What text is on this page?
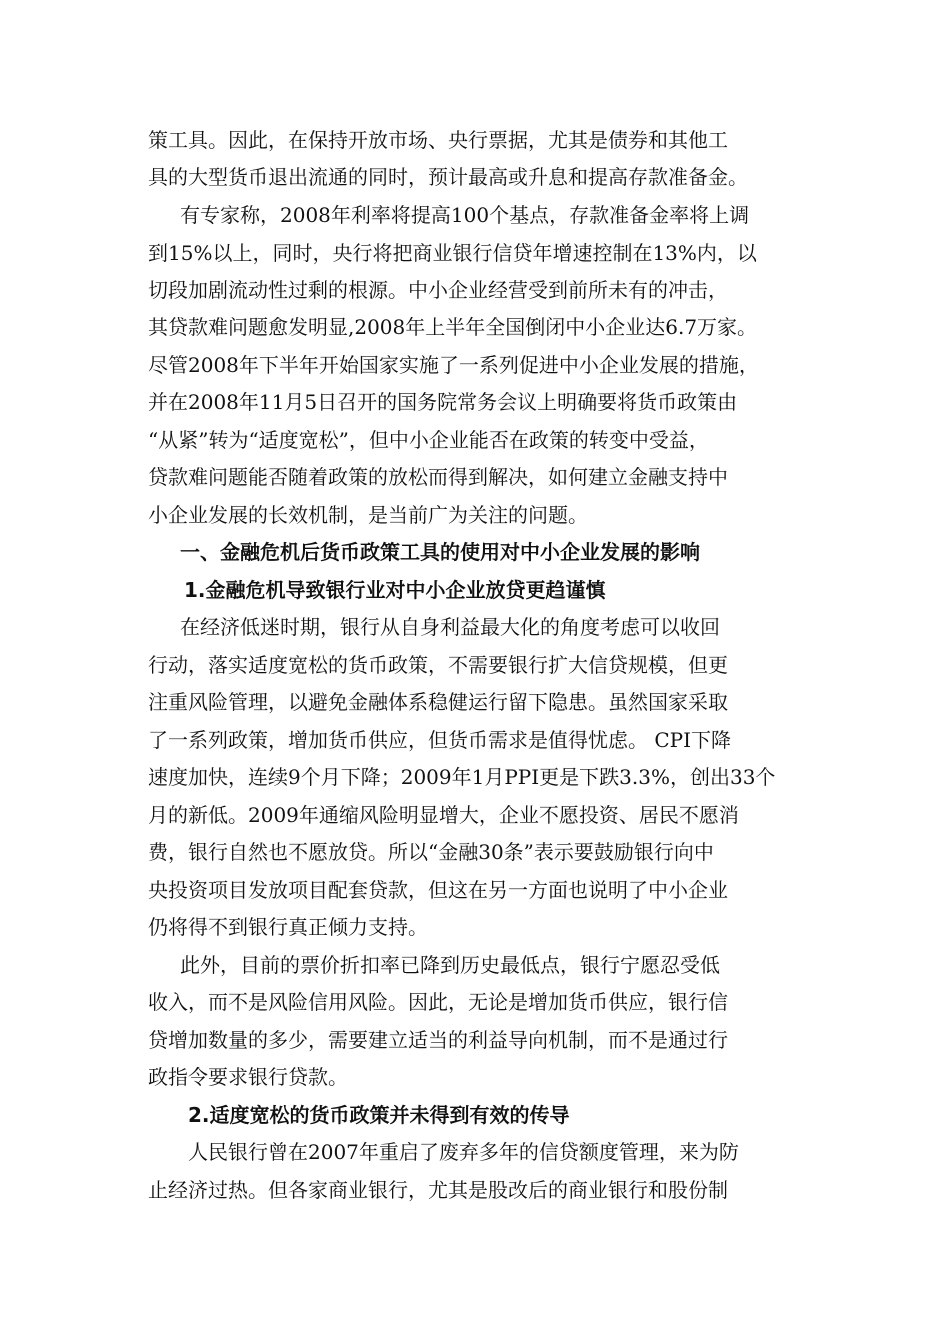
策工具。因此，在保持开放市场、央行票据，尤其是债券和其他工

具的大型货币退出流通的同时，预计最高或升息和提高存款准备金。

有专家称，2008年利率将提高100个基点，存款准备金率将上调

到15%以上，同时，央行将把商业银行信贷年增速控制在13%内，以

切段加剧流动性过剩的根源。中小企业经营受到前所未有的冲击，

其贷款难问题愈发明显,2008年上半年全国倒闭中小企业达6.7万家。

尽管2008年下半年开始国家实施了一系列促进中小企业发展的措施，

并在2008年11月5日召开的国务院常务会议上明确要将货币政策由

“从紧”转为“适度宽松”，但中小企业能否在政策的转变中受益，

贷款难问题能否随着政策的放松而得到解决，如何建立金融支持中

小企业发展的长效机制，是当前广为关注的问题。

一、金融危机后货币政策工具的使用对中小企业发展的影响

1.金融危机导致银行业对中小企业放贷更趋谨慎

在经济低迷时期，银行从自身利益最大化的角度考虑可以收回

行动，落实适度宽松的货币政策，不需要银行扩大信贷规模，但更

注重风险管理，以避免金融体系稳健运行留下隐患。虽然国家采取

了一系列政策，增加货币供应，但货币需求是值得忧虑。 CPI下降

速度加快，连续9个月下降；2009年1月PPI更是下跌3.3%，创出33个

月的新低。2009年通缩风险明显增大，企业不愿投资、居民不愿消

费，银行自然也不愿放贷。所以“金融30条”表示要鼓励银行向中

央投资项目发放项目配套贷款，但这在另一方面也说明了中小企业

仍将得不到银行真正倾力支持。

此外，目前的票价折扣率已降到历史最低点，银行宁愿忍受低

收入，而不是风险信用风险。因此，无论是增加货币供应，银行信

贷增加数量的多少，需要建立适当的利益导向机制，而不是通过行

政指令要求银行贷款。

2.适度宽松的货币政策并未得到有效的传导

人民银行曾在2007年重启了废弃多年的信贷额度管理，来为防

止经济过热。但各家商业银行，尤其是股改后的商业银行和股份制
